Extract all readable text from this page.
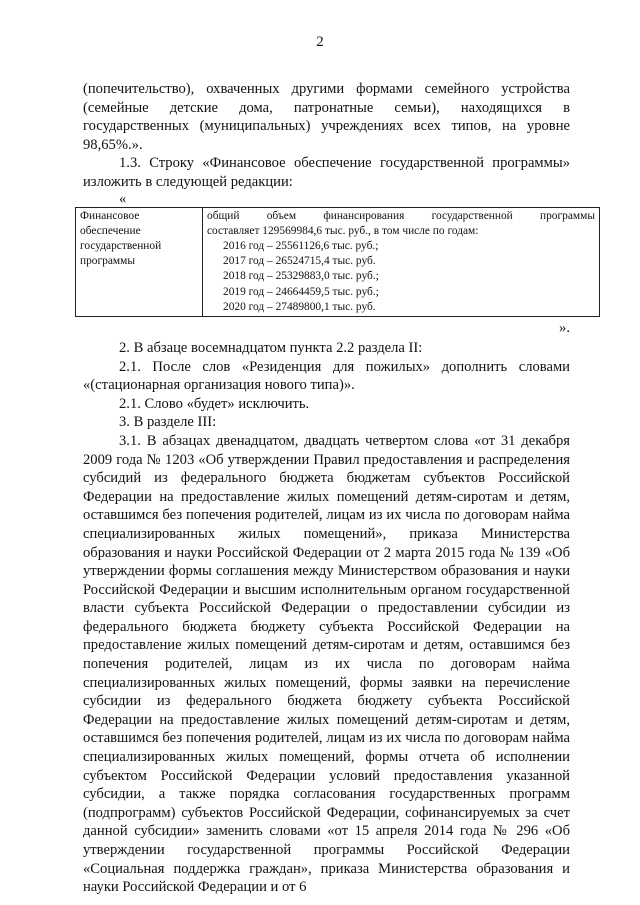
2

(попечительство), охваченных другими формами семейного устройства (семейные детские дома, патронатные семьи), находящихся в государственных (муниципальных) учреждениях всех типов, на уровне 98,65%.».

1.3. Строку «Финансовое обеспечение государственной программы» изложить в следующей редакции:

«

Финансовое
обеспечение
государственной
программы

общий объем финансирования государственной программы
составляет 129569984,6 тыс. руб., в том числе по годам:
2016 год – 25561126,6 тыс. руб.;
2017 год – 26524715,4 тыс. руб.
2018 год – 25329883,0 тыс. руб.;
2019 год – 24664459,5 тыс. руб.;
2020 год – 27489800,1 тыс. руб.

».

2. В абзаце восемнадцатом пункта 2.2 раздела II:

2.1. После слов «Резиденция для пожилых» дополнить словами «(стационарная организация нового типа)».

2.1. Слово «будет» исключить.

3. В разделе III:

3.1. В абзацах двенадцатом, двадцать четвертом слова «от 31 декабря 2009 года № 1203 «Об утверждении Правил предоставления и распределения субсидий из федерального бюджета бюджетам субъектов Российской Федерации на предоставление жилых помещений детям-сиротам и детям, оставшимся без попечения родителей, лицам из их числа по договорам найма специализированных жилых помещений», приказа Министерства образования и науки Российской Федерации от 2 марта 2015 года № 139 «Об утверждении формы соглашения между Министерством образования и науки Российской Федерации и высшим исполнительным органом государственной власти субъекта Российской Федерации о предоставлении субсидии из федерального бюджета бюджету субъекта Российской Федерации на предоставление жилых помещений детям-сиротам и детям, оставшимся без попечения родителей, лицам из их числа по договорам найма специализированных жилых помещений, формы заявки на перечисление субсидии из федерального бюджета бюджету субъекта Российской Федерации на предоставление жилых помещений детям-сиротам и детям, оставшимся без попечения родителей, лицам из их числа по договорам найма специализированных жилых помещений, формы отчета об исполнении субъектом Российской Федерации условий предоставления указанной субсидии, а также порядка согласования государственных программ (подпрограмм) субъектов Российской Федерации, софинансируемых за счет данной субсидии» заменить словами «от 15 апреля 2014 года № 296 «Об утверждении государственной программы Российской Федерации «Социальная поддержка граждан», приказа Министерства образования и науки Российской Федерации и от 6
